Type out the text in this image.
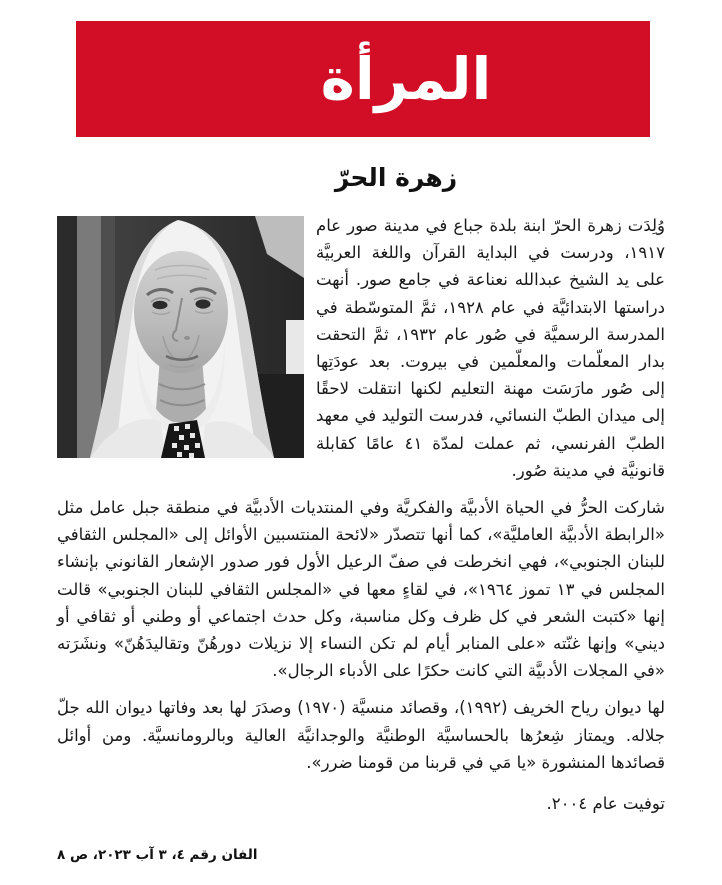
المرأة
زهرة الحرّ

وُلِدَت زهرة الحرّ ابنة بلدة جباع في مدينة صور عام ١٩١٧، ودرست في البداية القرآن واللغة العربيَّة على يد الشيخ عبدالله نعناعة في جامع صور. أنهت دراستها الابتدائيَّة في عام ١٩٢٨، ثمَّ المتوسّطة في المدرسة الرسميَّة في صُور عام ١٩٣٢، ثمَّ التحقت بدار المعلّمات والمعلّمين في بيروت. بعد عودَتِها إلى صُور مارَسَت مهنة التعليم لكنها انتقلت لاحقًا إلى ميدان الطبّ النسائي، فدرست التوليد في معهد الطبّ الفرنسي، ثم عملت لمدّة ٤١ عامًا كقابلة قانونيَّة في مدينة صُور.

شاركت الحرُّ في الحياة الأدبيَّة والفكريَّة وفي المنتديات الأدبيَّة في منطقة جبل عامل مثل «الرابطة الأدبيَّة العامليَّة»، كما أنها تتصدّر «لائحة المنتسبين الأوائل إلى «المجلس الثقافي للبنان الجنوبي»، فهي انخرطت في صفّ الرعيل الأول فور صدور الإشعار القانوني بإنشاء المجلس في ١٣ تموز ١٩٦٤»، في لقاءٍ معها في «المجلس الثقافي للبنان الجنوبي» قالت إنها «كتبت الشعر في كل ظرف وكل مناسبة، وكل حدث اجتماعي أو وطني أو ثقافي أو ديني» وإنها غنّته «على المنابر أيام لم تكن النساء إلا نزيلات دورهُنّ وتقاليدَهُنّ» ونشَرَته «في المجلات الأدبيَّة التي كانت حكرًا على الأدباء الرجال».

لها ديوان رياح الخريف (١٩٩٢)، وقصائد منسيَّة (١٩٧٠) وصدَرَ لها بعد وفاتها ديوان الله جلّ جلاله. ويمتاز شِعرُها بالحساسيَّة الوطنيَّة والوجدانيَّة العالية وبالرومانسيَّة. ومن أوائل قصائدها المنشورة «يا مَي في قربنا من قومنا ضرر».

توفيت عام ٢٠٠٤.

الفان رقم ٤، ٣ آب ٢٠٢٣، ص ٨
